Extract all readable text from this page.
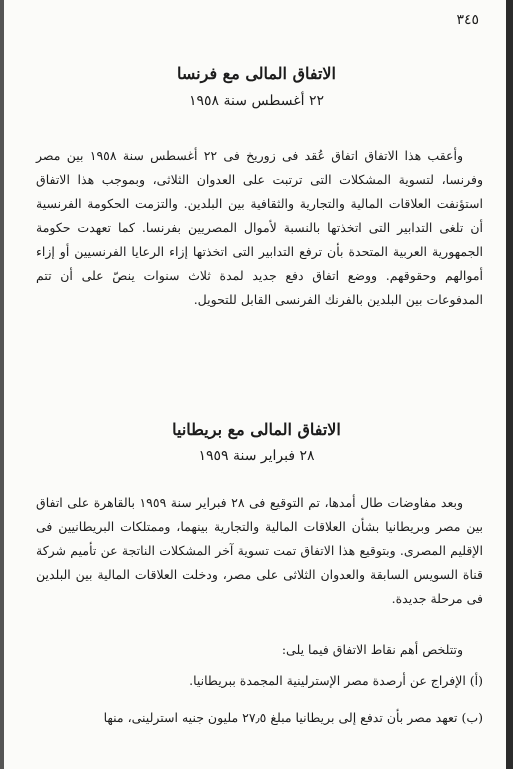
٣٤٥
الاتفاق المالى مع فرنسا
٢٢ أغسطس سنة ١٩٥٨

وأعقب هذا الاتفاق اتفاق عُقد فى زوريخ فى ٢٢ أغسطس سنة ١٩٥٨ بين مصر وفرنسا، لتسوية المشكلات التى ترتبت على العدوان الثلاثى، وبموجب هذا الاتفاق استؤنفت العلاقات المالية والتجارية والثقافية بين البلدين. والتزمت الحكومة الفرنسية أن تلغى التدابير التى اتخذتها بالنسبة لأموال المصريين بفرنسا. كما تعهدت حكومة الجمهورية العربية المتحدة بأن ترفع التدابير التى اتخذتها إزاء الرعايا الفرنسيين أو إزاء أموالهم وحقوقهم. ووضع اتفاق دفع جديد لمدة ثلاث سنوات ينصّ على أن تتم المدفوعات بين البلدين بالفرنك الفرنسى القابل للتحويل.

الاتفاق المالى مع بريطانيا
٢٨ فبراير سنة ١٩٥٩

وبعد مفاوضات طال أمدها، تم التوقيع فى ٢٨ فبراير سنة ١٩٥٩ بالقاهرة على اتفاق بين مصر وبريطانيا بشأن العلاقات المالية والتجارية بينهما، وممتلكات البريطانيين فى الإقليم المصرى. وبتوقيع هذا الاتفاق تمت تسوية آخر المشكلات الناتجة عن تأميم شركة قناة السويس السابقة والعدوان الثلاثى على مصر، ودخلت العلاقات المالية بين البلدين فى مرحلة جديدة.

وتتلخص أهم نقاط الاتفاق فيما يلى:

(أ) الإفراج عن أرصدة مصر الإسترلينية المجمدة ببريطانيا.

(ب) تعهد مصر بأن تدفع إلى بريطانيا مبلغ ٢٧٫٥ مليون جنيه استرلينى، منها
